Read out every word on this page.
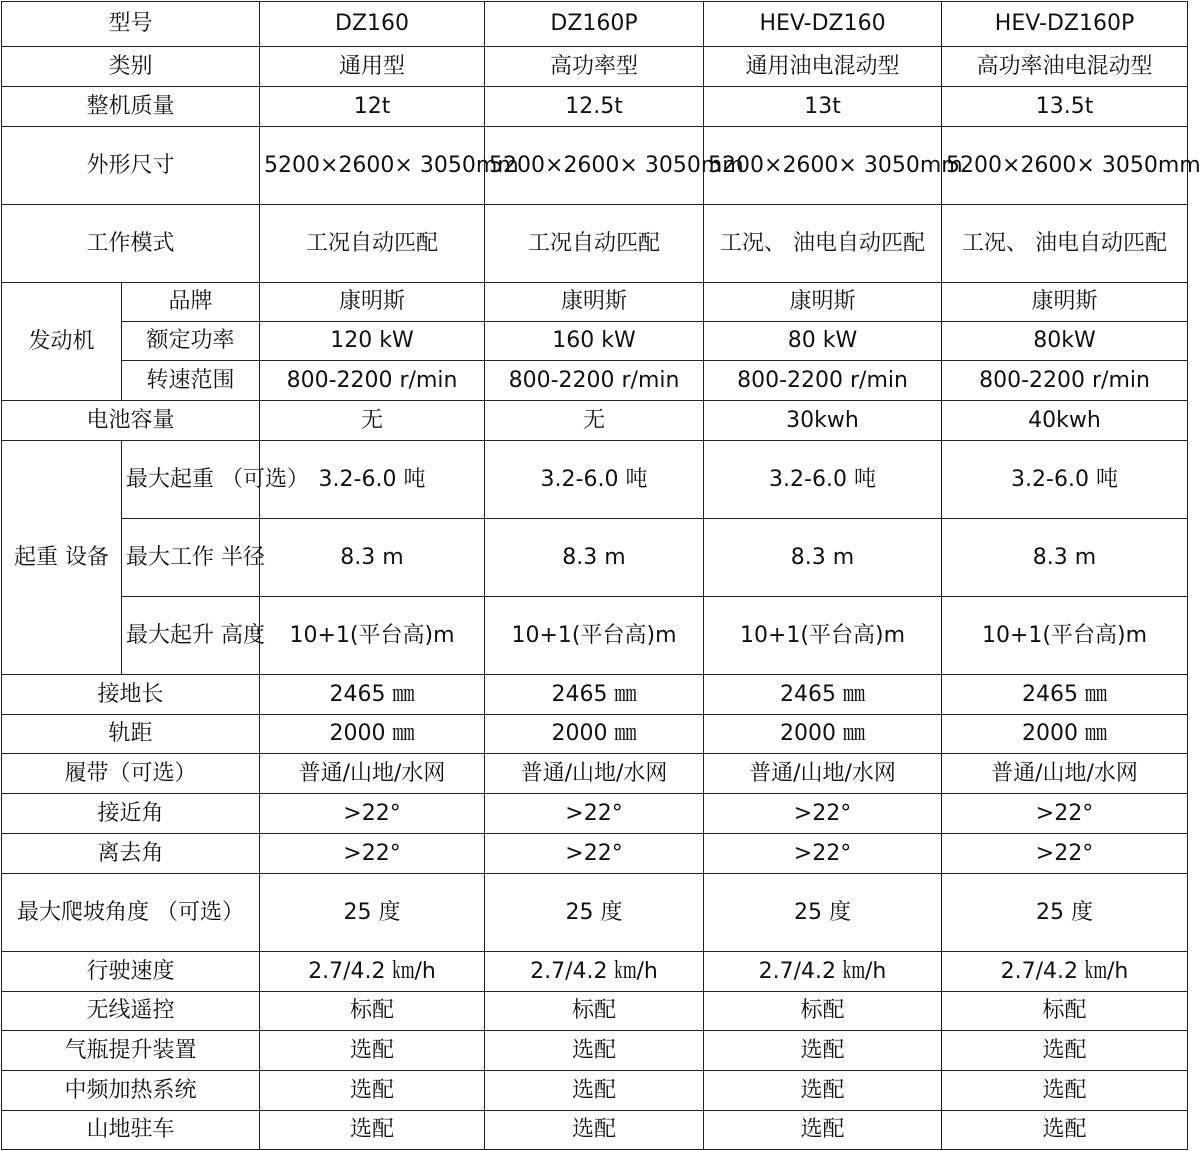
型号		DZ160	DZ160P	HEV-DZ160	HEV-DZ160P
类别		通用型	高功率型	通用油电混动型	高功率油电混动型
整机质量		12t	12.5t	13t	13.5t
外形尺寸		5200×2600× 3050mm	5200×2600× 3050mm	5200×2600× 3050mm	5200×2600× 3050mm
工作模式		工况自动匹配	工况自动匹配	工况、 油电自动匹配	工况、 油电自动匹配
发动机	品牌	康明斯	康明斯	康明斯	康明斯
	额定功率	120 kW	160 kW	80 kW	80kW
	转速范围	800-2200 r/min	800-2200 r/min	800-2200 r/min	800-2200 r/min
电池容量		无	无	30kwh	40kwh
起重 设备	最大起重 （可选）	3.2-6.0 吨	3.2-6.0 吨	3.2-6.0 吨	3.2-6.0 吨
	最大工作 半径	8.3 m	8.3 m	8.3 m	8.3 m
	最大起升 高度	10+1(平台高)m	10+1(平台高)m	10+1(平台高)m	10+1(平台高)m
接地长		2465 ㎜	2465 ㎜	2465 ㎜	2465 ㎜
轨距		2000 ㎜	2000 ㎜	2000 ㎜	2000 ㎜
履带（可选）		普通/山地/水网	普通/山地/水网	普通/山地/水网	普通/山地/水网
接近角		>22°	>22°	>22°	>22°
离去角		>22°	>22°	>22°	>22°
最大爬坡角度 （可选）		25 度	25 度	25 度	25 度
行驶速度		2.7/4.2 ㎞/h	2.7/4.2 ㎞/h	2.7/4.2 ㎞/h	2.7/4.2 ㎞/h
无线遥控		标配	标配	标配	标配
气瓶提升装置		选配	选配	选配	选配
中频加热系统		选配	选配	选配	选配
山地驻车		选配	选配	选配	选配
